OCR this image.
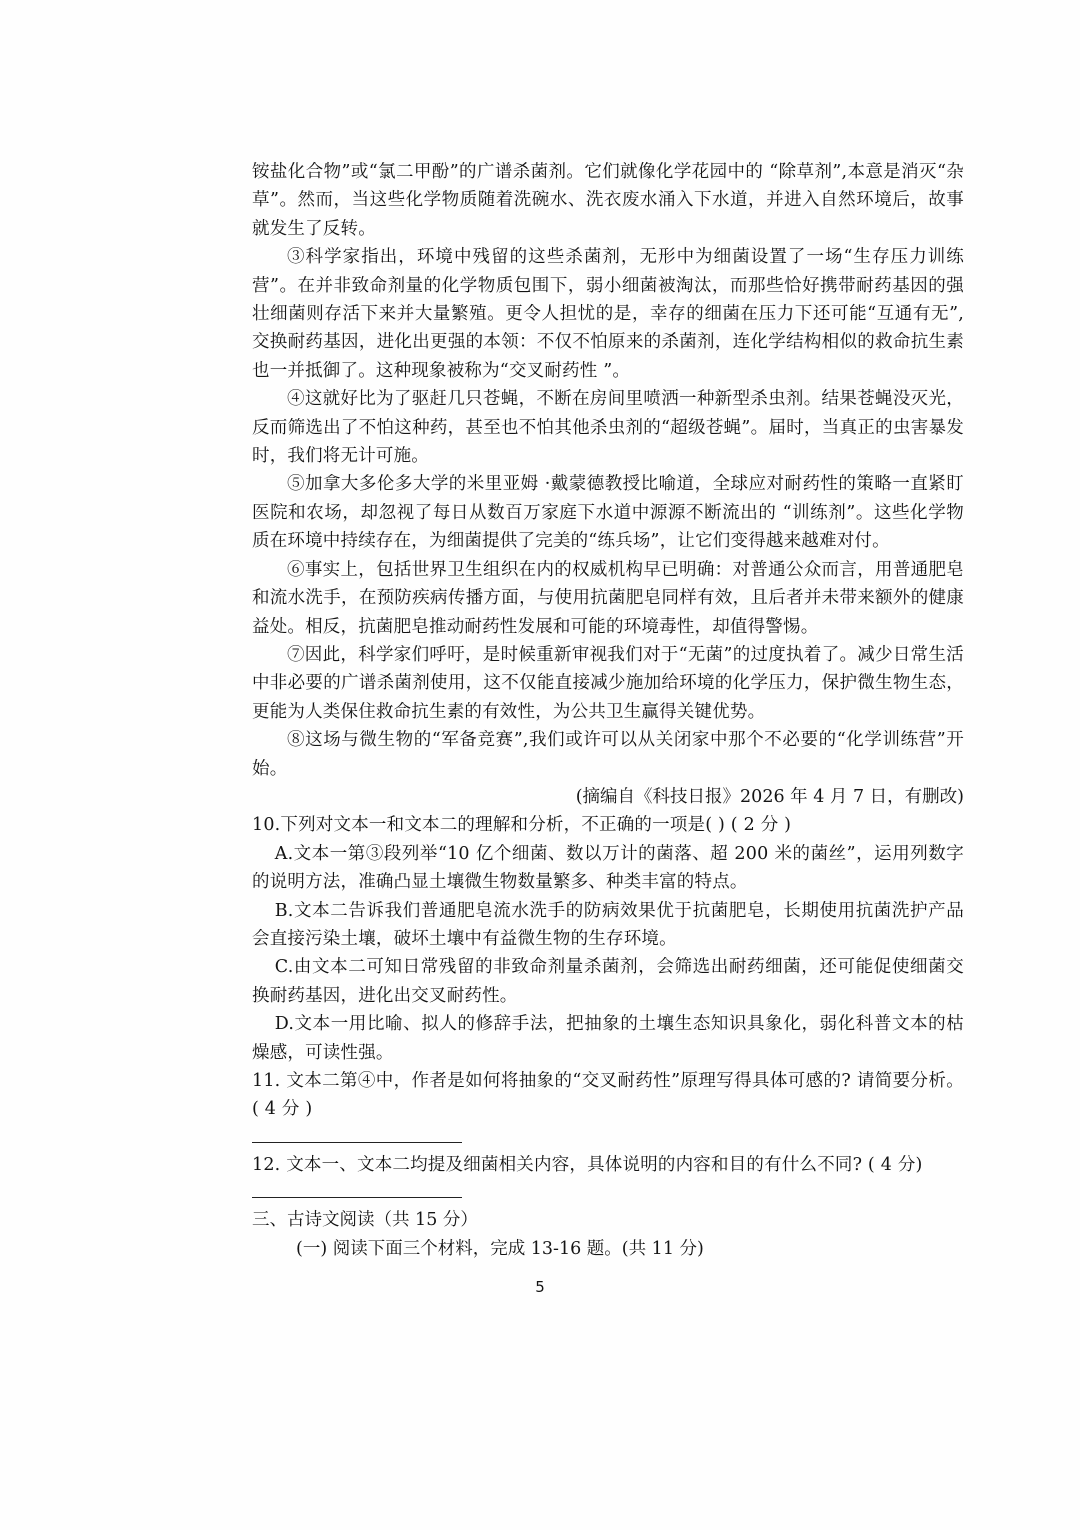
铵盐化合物”或“氯二甲酚”的广谱杀菌剂。它们就像化学花园中的 “除草剂”,本意是消灭“杂草”。然而，当这些化学物质随着洗碗水、洗衣废水涌入下水道，并进入自然环境后，故事就发生了反转。

③科学家指出，环境中残留的这些杀菌剂，无形中为细菌设置了一场“生存压力训练营”。在并非致命剂量的化学物质包围下，弱小细菌被淘汰，而那些恰好携带耐药基因的强壮细菌则存活下来并大量繁殖。更令人担忧的是，幸存的细菌在压力下还可能“互通有无”,交换耐药基因，进化出更强的本领：不仅不怕原来的杀菌剂，连化学结构相似的救命抗生素也一并抵御了。这种现象被称为“交叉耐药性 ”。

④这就好比为了驱赶几只苍蝇，不断在房间里喷洒一种新型杀虫剂。结果苍蝇没灭光，反而筛选出了不怕这种药，甚至也不怕其他杀虫剂的“超级苍蝇”。届时，当真正的虫害暴发时，我们将无计可施。

⑤加拿大多伦多大学的米里亚姆 ·戴蒙德教授比喻道，全球应对耐药性的策略一直紧盯医院和农场，却忽视了每日从数百万家庭下水道中源源不断流出的 “训练剂”。这些化学物质在环境中持续存在，为细菌提供了完美的“练兵场”，让它们变得越来越难对付。

⑥事实上，包括世界卫生组织在内的权威机构早已明确：对普通公众而言，用普通肥皂和流水洗手，在预防疾病传播方面，与使用抗菌肥皂同样有效，且后者并未带来额外的健康益处。相反，抗菌肥皂推动耐药性发展和可能的环境毒性，却值得警惕。

⑦因此，科学家们呼吁，是时候重新审视我们对于“无菌”的过度执着了。减少日常生活中非必要的广谱杀菌剂使用，这不仅能直接减少施加给环境的化学压力，保护微生物生态，更能为人类保住救命抗生素的有效性，为公共卫生赢得关键优势。

⑧这场与微生物的“军备竞赛”,我们或许可以从关闭家中那个不必要的“化学训练营”开始。

(摘编自《科技日报》2026 年 4 月 7 日，有删改)

10.下列对文本一和文本二的理解和分析，不正确的一项是( ) ( 2 分 )

A.文本一第③段列举“10 亿个细菌、数以万计的菌落、超 200 米的菌丝”，运用列数字的说明方法，准确凸显土壤微生物数量繁多、种类丰富的特点。

B.文本二告诉我们普通肥皂流水洗手的防病效果优于抗菌肥皂，长期使用抗菌洗护产品会直接污染土壤，破坏土壤中有益微生物的生存环境。

C.由文本二可知日常残留的非致命剂量杀菌剂，会筛选出耐药细菌，还可能促使细菌交换耐药基因，进化出交叉耐药性。

D.文本一用比喻、拟人的修辞手法，把抽象的土壤生态知识具象化，弱化科普文本的枯燥感，可读性强。

11. 文本二第④中，作者是如何将抽象的“交叉耐药性”原理写得具体可感的? 请简要分析。( 4 分 )

12. 文本一、文本二均提及细菌相关内容，具体说明的内容和目的有什么不同? ( 4 分)

三、古诗文阅读（共 15 分）

(一) 阅读下面三个材料，完成 13-16 题。(共 11 分)

5
